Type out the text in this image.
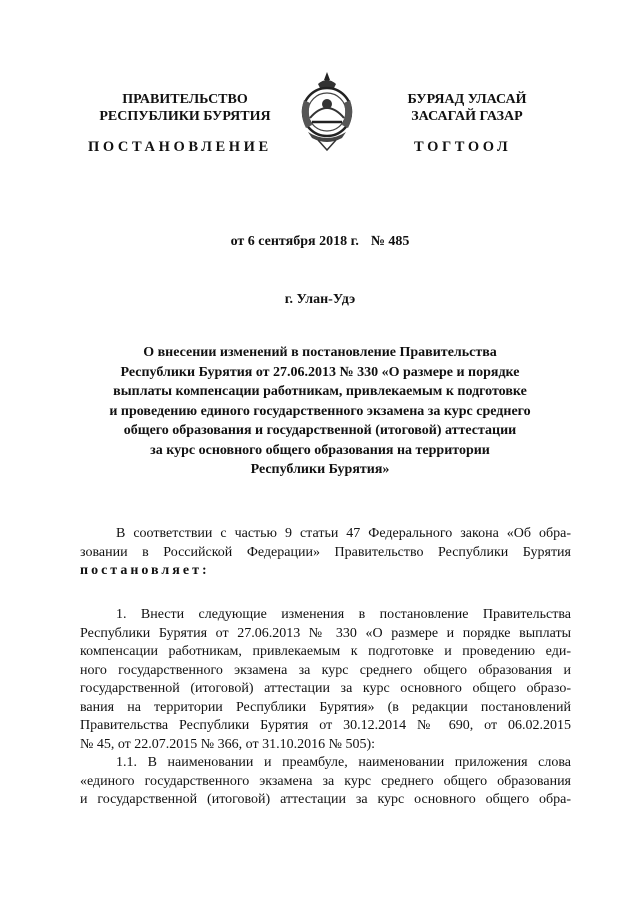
ПРАВИТЕЛЬСТВО
РЕСПУБЛИКИ БУРЯТИЯ
БУРЯАД УЛАСАЙ
ЗАСАГАЙ ГАЗАР
ПОСТАНОВЛЕНИЕ	ТОГТООЛ
от 6 сентября 2018 г. № 485
г. Улан-Удэ
О внесении изменений в постановление Правительства
Республики Бурятия от 27.06.2013 № 330 «О размере и порядке
выплаты компенсации работникам, привлекаемым к подготовке
и проведению единого государственного экзамена за курс среднего
общего образования и государственной (итоговой) аттестации
за курс основного общего образования на территории
Республики Бурятия»
В соответствии с частью 9 статьи 47 Федерального закона «Об обра-
зовании в Российской Федерации» Правительство Республики Бурятия
постановляет:
1. Внести следующие изменения в постановление Правительства
Республики Бурятия от 27.06.2013 № 330 «О размере и порядке выплаты
компенсации работникам, привлекаемым к подготовке и проведению еди-
ного государственного экзамена за курс среднего общего образования и
государственной (итоговой) аттестации за курс основного общего образо-
вания на территории Республики Бурятия» (в редакции постановлений
Правительства Республики Бурятия от 30.12.2014 № 690, от 06.02.2015
№ 45, от 22.07.2015 № 366, от 31.10.2016 № 505):
1.1. В наименовании и преамбуле, наименовании приложения слова
«единого государственного экзамена за курс среднего общего образования
и государственной (итоговой) аттестации за курс основного общего обра-
